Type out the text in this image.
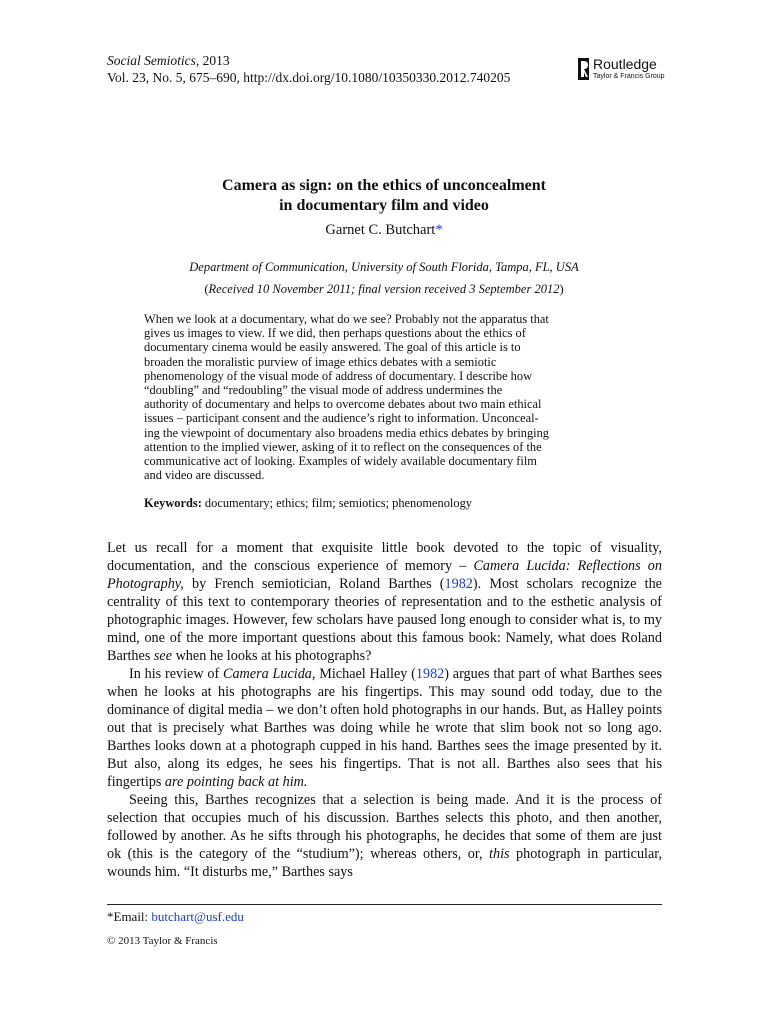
Social Semiotics, 2013
Vol. 23, No. 5, 675–690, http://dx.doi.org/10.1080/10350330.2012.740205
Routledge
Taylor & Francis Group
Camera as sign: on the ethics of unconcealment
in documentary film and video
Garnet C. Butchart*
Department of Communication, University of South Florida, Tampa, FL, USA
(Received 10 November 2011; final version received 3 September 2012)
When we look at a documentary, what do we see? Probably not the apparatus that
gives us images to view. If we did, then perhaps questions about the ethics of
documentary cinema would be easily answered. The goal of this article is to
broaden the moralistic purview of image ethics debates with a semiotic
phenomenology of the visual mode of address of documentary. I describe how
“doubling” and “redoubling” the visual mode of address undermines the
authority of documentary and helps to overcome debates about two main ethical
issues – participant consent and the audience’s right to information. Unconceal-
ing the viewpoint of documentary also broadens media ethics debates by bringing
attention to the implied viewer, asking of it to reflect on the consequences of the
communicative act of looking. Examples of widely available documentary film
and video are discussed.
Keywords: documentary; ethics; film; semiotics; phenomenology

Let us recall for a moment that exquisite little book devoted to the topic of visuality, documentation, and the conscious experience of memory – Camera Lucida: Reflections on Photography, by French semiotician, Roland Barthes (1982). Most scholars recognize the centrality of this text to contemporary theories of representation and to the esthetic analysis of photographic images. However, few scholars have paused long enough to consider what is, to my mind, one of the more important questions about this famous book: Namely, what does Roland Barthes see when he looks at his photographs?

In his review of Camera Lucida, Michael Halley (1982) argues that part of what Barthes sees when he looks at his photographs are his fingertips. This may sound odd today, due to the dominance of digital media – we don’t often hold photographs in our hands. But, as Halley points out that is precisely what Barthes was doing while he wrote that slim book not so long ago. Barthes looks down at a photograph cupped in his hand. Barthes sees the image presented by it. But also, along its edges, he sees his fingertips. That is not all. Barthes also sees that his fingertips are pointing back at him.

Seeing this, Barthes recognizes that a selection is being made. And it is the process of selection that occupies much of his discussion. Barthes selects this photo, and then another, followed by another. As he sifts through his photographs, he decides that some of them are just ok (this is the category of the “studium”); whereas others, or, this photograph in particular, wounds him. “It disturbs me,” Barthes says

*Email: butchart@usf.edu
© 2013 Taylor & Francis
